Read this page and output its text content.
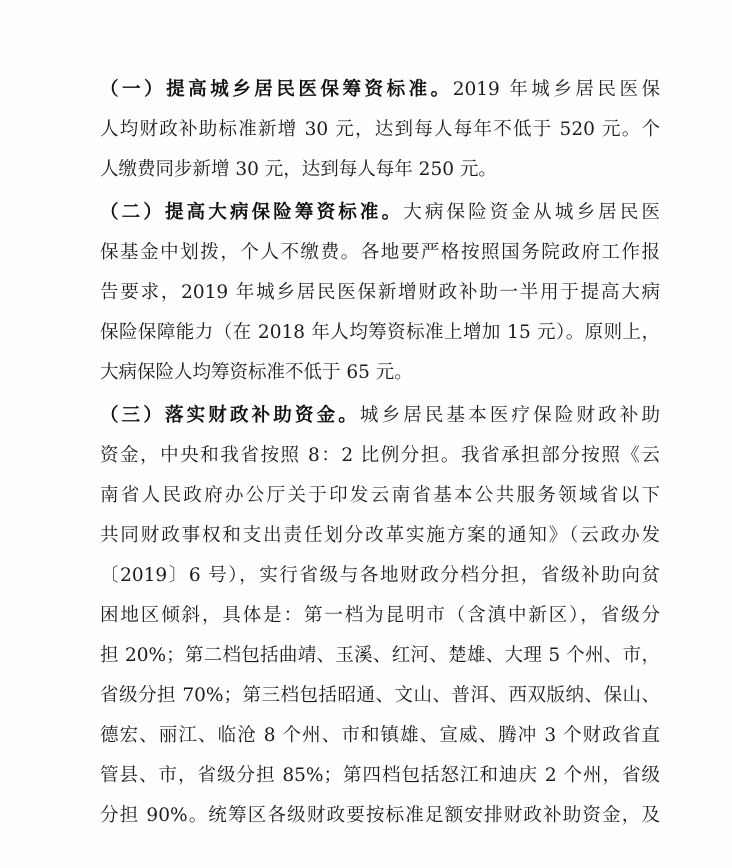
（一）提高城乡居民医保筹资标准。2019 年城乡居民医保
人均财政补助标准新增 30 元，达到每人每年不低于 520 元。个
人缴费同步新增 30 元，达到每人每年 250 元。
（二）提高大病保险筹资标准。大病保险资金从城乡居民医
保基金中划拨，个人不缴费。各地要严格按照国务院政府工作报
告要求，2019 年城乡居民医保新增财政补助一半用于提高大病
保险保障能力（在 2018 年人均筹资标准上增加 15 元）。原则上，
大病保险人均筹资标准不低于 65 元。
（三）落实财政补助资金。城乡居民基本医疗保险财政补助
资金，中央和我省按照 8：2 比例分担。我省承担部分按照《云
南省人民政府办公厅关于印发云南省基本公共服务领域省以下
共同财政事权和支出责任划分改革实施方案的通知》（云政办发
〔2019〕6 号），实行省级与各地财政分档分担，省级补助向贫
困地区倾斜，具体是：第一档为昆明市（含滇中新区），省级分
担 20%；第二档包括曲靖、玉溪、红河、楚雄、大理 5 个州、市，
省级分担 70%；第三档包括昭通、文山、普洱、西双版纳、保山、
德宏、丽江、临沧 8 个州、市和镇雄、宣威、腾冲 3 个财政省直
管县、市，省级分担 85%；第四档包括怒江和迪庆 2 个州，省级
分担 90%。统筹区各级财政要按标准足额安排财政补助资金，及
